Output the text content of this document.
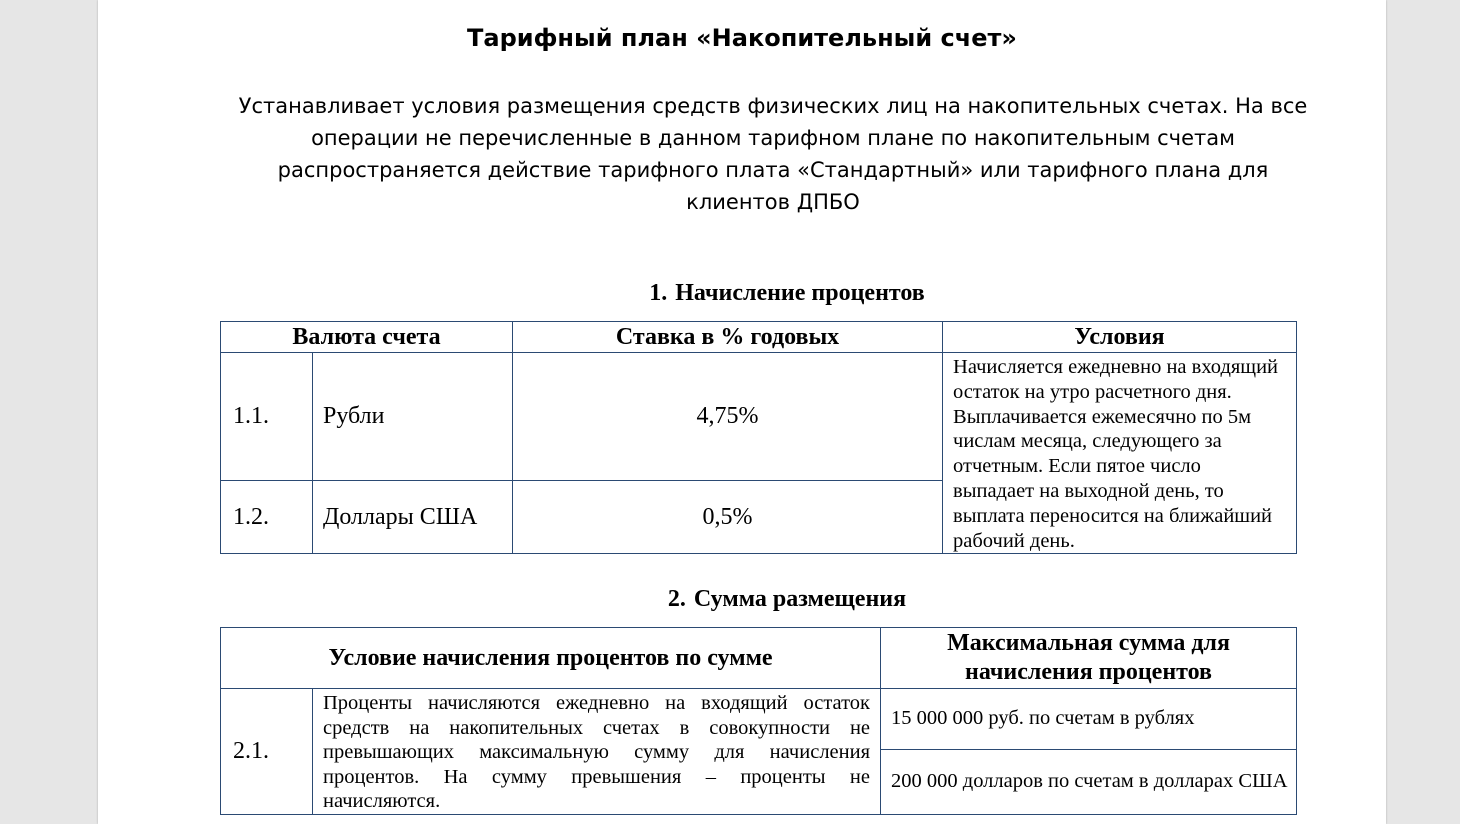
Тарифный план «Накопительный счет»
Устанавливает условия размещения средств физических лиц на накопительных счетах. На все операции не перечисленные в данном тарифном плане по накопительным счетам распространяется действие тарифного плата «Стандартный» или тарифного плана для клиентов ДПБО
1. Начисление процентов
Валюта счета		Ставка в % годовых	Условия
1.1.	Рубли	4,75%	Начисляется ежедневно на входящий остаток на утро расчетного дня. Выплачивается ежемесячно по 5м числам месяца, следующего за отчетным. Если пятое число выпадает на выходной день, то выплата переносится на ближайший рабочий день.
1.2.	Доллары США	0,5%	
2. Сумма размещения
Условие начисления процентов по сумме		Максимальная сумма для начисления процентов
2.1.	Проценты начисляются ежедневно на входящий остаток средств на накопительных счетах в совокупности не превышающих максимальную сумму для начисления процентов. На сумму превышения – проценты не начисляются.	15 000 000 руб. по счетам в рублях
		200 000 долларов по счетам в долларах США
